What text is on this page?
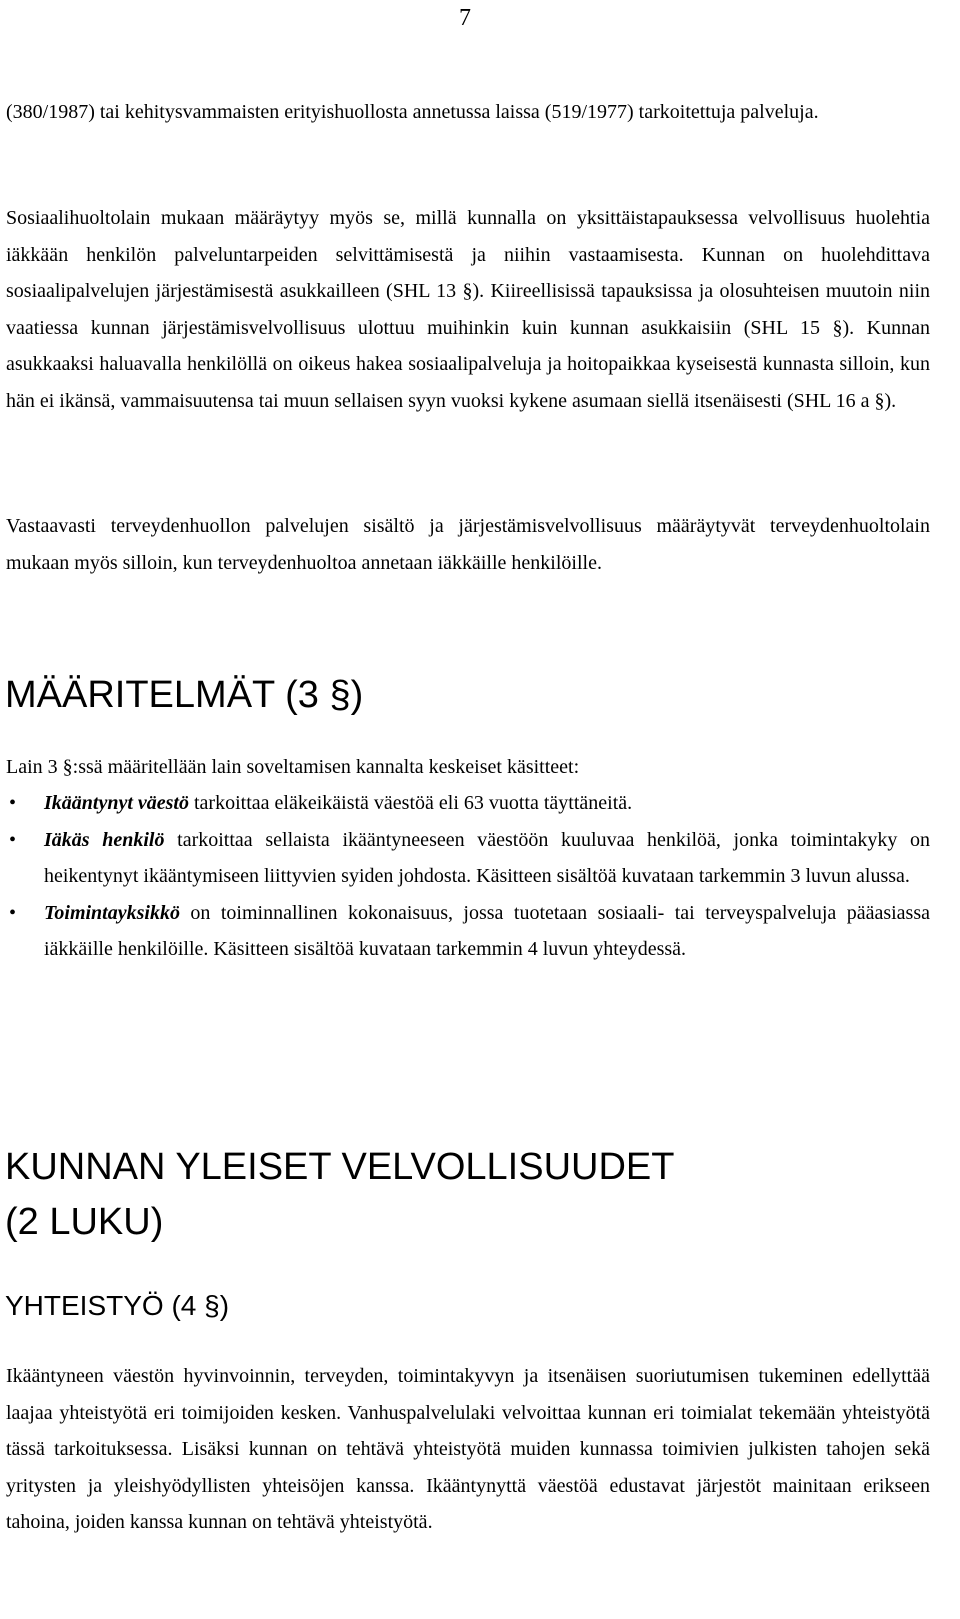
7

(380/1987) tai kehitysvammaisten erityishuollosta annetussa laissa (519/1977) tarkoitettuja palveluja.

Sosiaalihuoltolain mukaan määräytyy myös se, millä kunnalla on yksittäistapauksessa velvollisuus huolehtia iäkkään henkilön palveluntarpeiden selvittämisestä ja niihin vastaamisesta. Kunnan on huolehdittava sosiaalipalvelujen järjestämisestä asukkailleen (SHL 13 §). Kiireellisissä tapauksissa ja olosuhteisen muutoin niin vaatiessa kunnan järjestämisvelvollisuus ulottuu muihinkin kuin kunnan asukkaisiin (SHL 15 §). Kunnan asukkaaksi haluavalla henkilöllä on oikeus hakea sosiaalipalveluja ja hoitopaikkaa kyseisestä kunnasta silloin, kun hän ei ikänsä, vammaisuutensa tai muun sellaisen syyn vuoksi kykene asumaan siellä itsenäisesti (SHL 16 a §).

Vastaavasti terveydenhuollon palvelujen sisältö ja järjestämisvelvollisuus määräytyvät terveydenhuoltolain mukaan myös silloin, kun terveydenhuoltoa annetaan iäkkäille henkilöille.

MÄÄRITELMÄT (3 §)

Lain 3 §:ssä määritellään lain soveltamisen kannalta keskeiset käsitteet:

• Ikääntynyt väestö tarkoittaa eläkeikäistä väestöä eli 63 vuotta täyttäneitä.
• Iäkäs henkilö tarkoittaa sellaista ikääntyneeseen väestöön kuuluvaa henkilöä, jonka toimintakyky on heikentynyt ikääntymiseen liittyvien syiden johdosta. Käsitteen sisältöä kuvataan tarkemmin 3 luvun alussa.
• Toimintayksikkö on toiminnallinen kokonaisuus, jossa tuotetaan sosiaali- tai terveyspalveluja pääasiassa iäkkäille henkilöille. Käsitteen sisältöä kuvataan tarkemmin 4 luvun yhteydessä.
KUNNAN YLEISET VELVOLLISUUDET
(2 LUKU)
YHTEISTYÖ (4 §)

Ikääntyneen väestön hyvinvoinnin, terveyden, toimintakyvyn ja itsenäisen suoriutumisen tukeminen edellyttää laajaa yhteistyötä eri toimijoiden kesken. Vanhuspalvelulaki velvoittaa kunnan eri toimialat tekemään yhteistyötä tässä tarkoituksessa. Lisäksi kunnan on tehtävä yhteistyötä muiden kunnassa toimivien julkisten tahojen sekä yritysten ja yleishyödyllisten yhteisöjen kanssa. Ikääntynyttä väestöä edustavat järjestöt mainitaan erikseen tahoina, joiden kanssa kunnan on tehtävä yhteistyötä.
